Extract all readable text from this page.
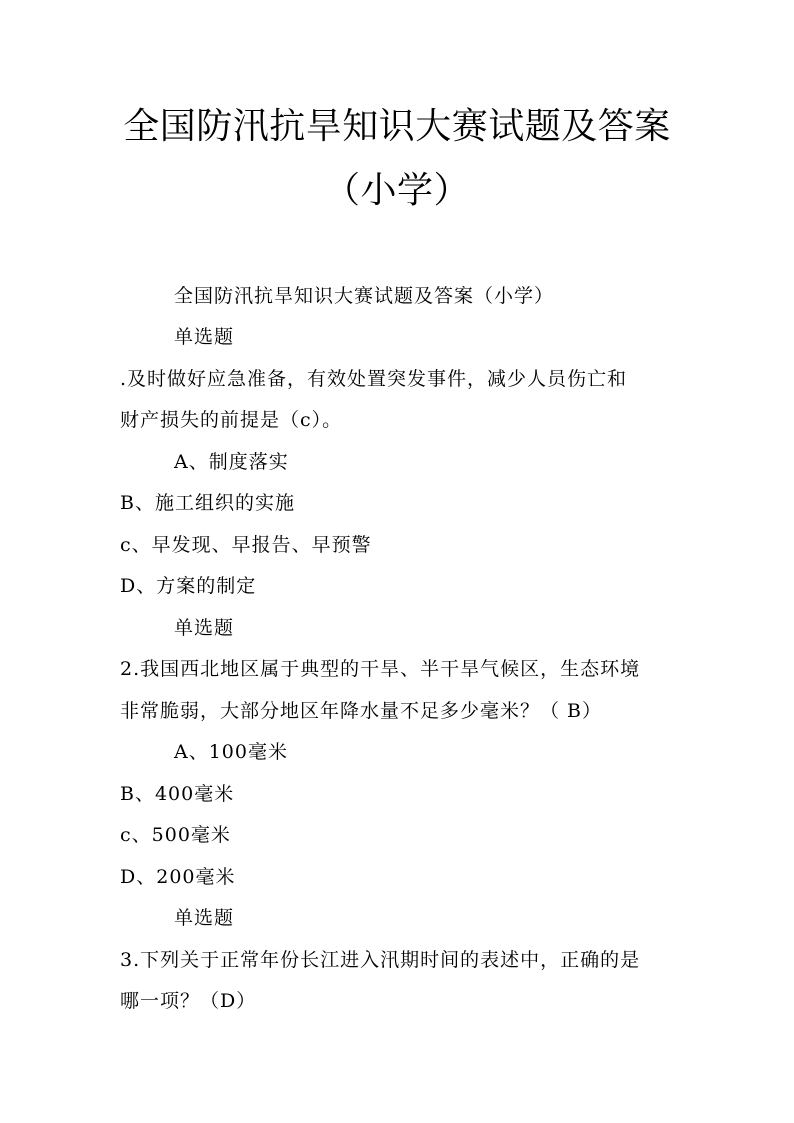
全国防汛抗旱知识大赛试题及答案
（小学）
全国防汛抗旱知识大赛试题及答案（小学）
单选题
.及时做好应急准备，有效处置突发事件，减少人员伤亡和
财产损失的前提是（c）。
A、制度落实
B、施工组织的实施
c、早发现、早报告、早预警
D、方案的制定
单选题
2.我国西北地区属于典型的干旱、半干旱气候区，生态环境
非常脆弱，大部分地区年降水量不足多少毫米？（ B）
A、100毫米
B、400毫米
c、500毫米
D、200毫米
单选题
3.下列关于正常年份长江进入汛期时间的表述中，正确的是
哪一项？（D）
